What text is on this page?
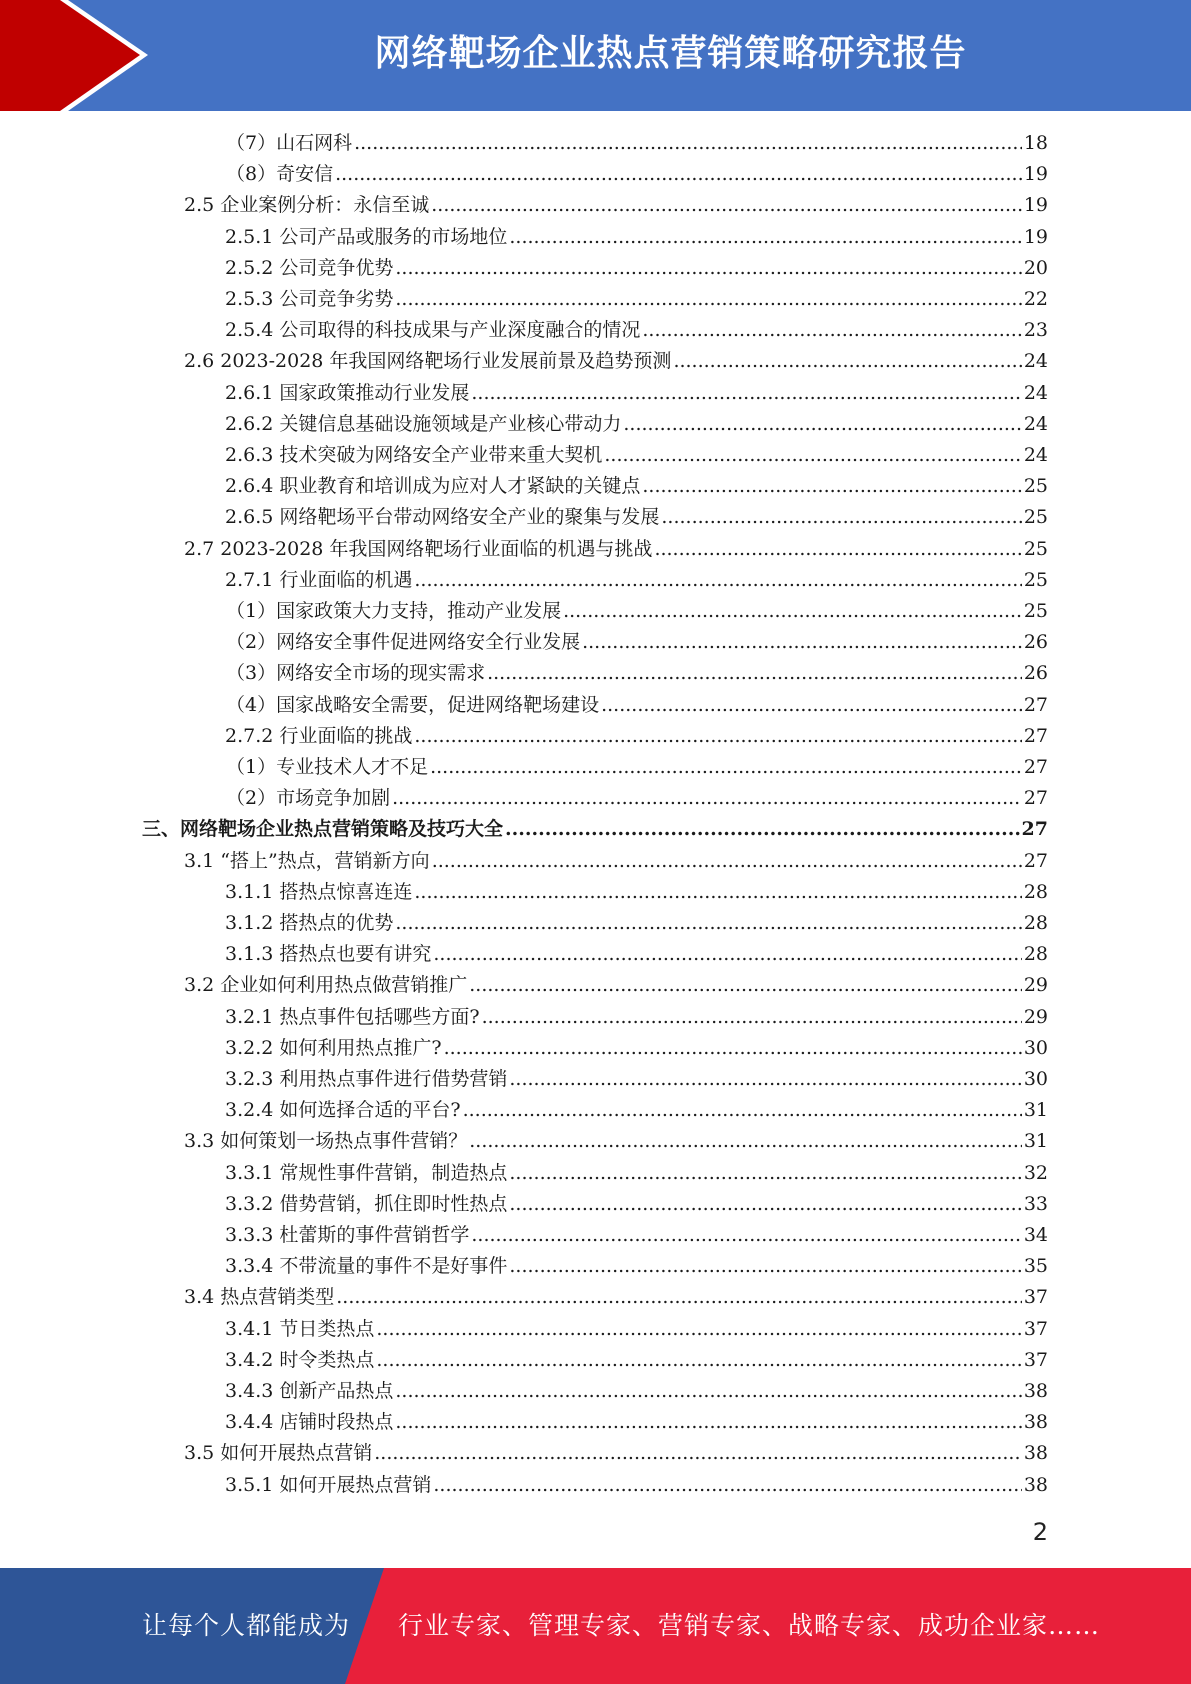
网络靶场企业热点营销策略研究报告
（7）山石网科 .....	18
（8）奇安信 .....	19
2.5 企业案例分析：永信至诚 .....	19
2.5.1 公司产品或服务的市场地位 .....	19
2.5.2 公司竞争优势 .....	20
2.5.3 公司竞争劣势 .....	22
2.5.4 公司取得的科技成果与产业深度融合的情况 .....	23
2.6 2023-2028 年我国网络靶场行业发展前景及趋势预测 .....	24
2.6.1 国家政策推动行业发展 .....	24
2.6.2 关键信息基础设施领域是产业核心带动力 .....	24
2.6.3 技术突破为网络安全产业带来重大契机 .....	24
2.6.4 职业教育和培训成为应对人才紧缺的关键点 .....	25
2.6.5 网络靶场平台带动网络安全产业的聚集与发展 .....	25
2.7 2023-2028 年我国网络靶场行业面临的机遇与挑战 .....	25
2.7.1 行业面临的机遇 .....	25
（1）国家政策大力支持，推动产业发展 .....	25
（2）网络安全事件促进网络安全行业发展 .....	26
（3）网络安全市场的现实需求 .....	26
（4）国家战略安全需要，促进网络靶场建设 .....	27
2.7.2 行业面临的挑战 .....	27
（1）专业技术人才不足 .....	27
（2）市场竞争加剧 .....	27
三、网络靶场企业热点营销策略及技巧大全 .....	27
3.1 “搭上”热点，营销新方向 .....	27
3.1.1 搭热点惊喜连连 .....	28
3.1.2 搭热点的优势 .....	28
3.1.3 搭热点也要有讲究 .....	28
3.2 企业如何利用热点做营销推广 .....	29
3.2.1 热点事件包括哪些方面? .....	29
3.2.2 如何利用热点推广? .....	30
3.2.3 利用热点事件进行借势营销 .....	30
3.2.4 如何选择合适的平台? .....	31
3.3 如何策划一场热点事件营销？ .....	31
3.3.1 常规性事件营销，制造热点 .....	32
3.3.2 借势营销，抓住即时性热点 .....	33
3.3.3 杜蕾斯的事件营销哲学 .....	34
3.3.4 不带流量的事件不是好事件 .....	35
3.4 热点营销类型 .....	37
3.4.1 节日类热点 .....	37
3.4.2 时令类热点 .....	37
3.4.3 创新产品热点 .....	38
3.4.4 店铺时段热点 .....	38
3.5 如何开展热点营销 .....	38
3.5.1 如何开展热点营销 .....	38
2
让每个人都能成为 行业专家、管理专家、营销专家、战略专家、成功企业家……
